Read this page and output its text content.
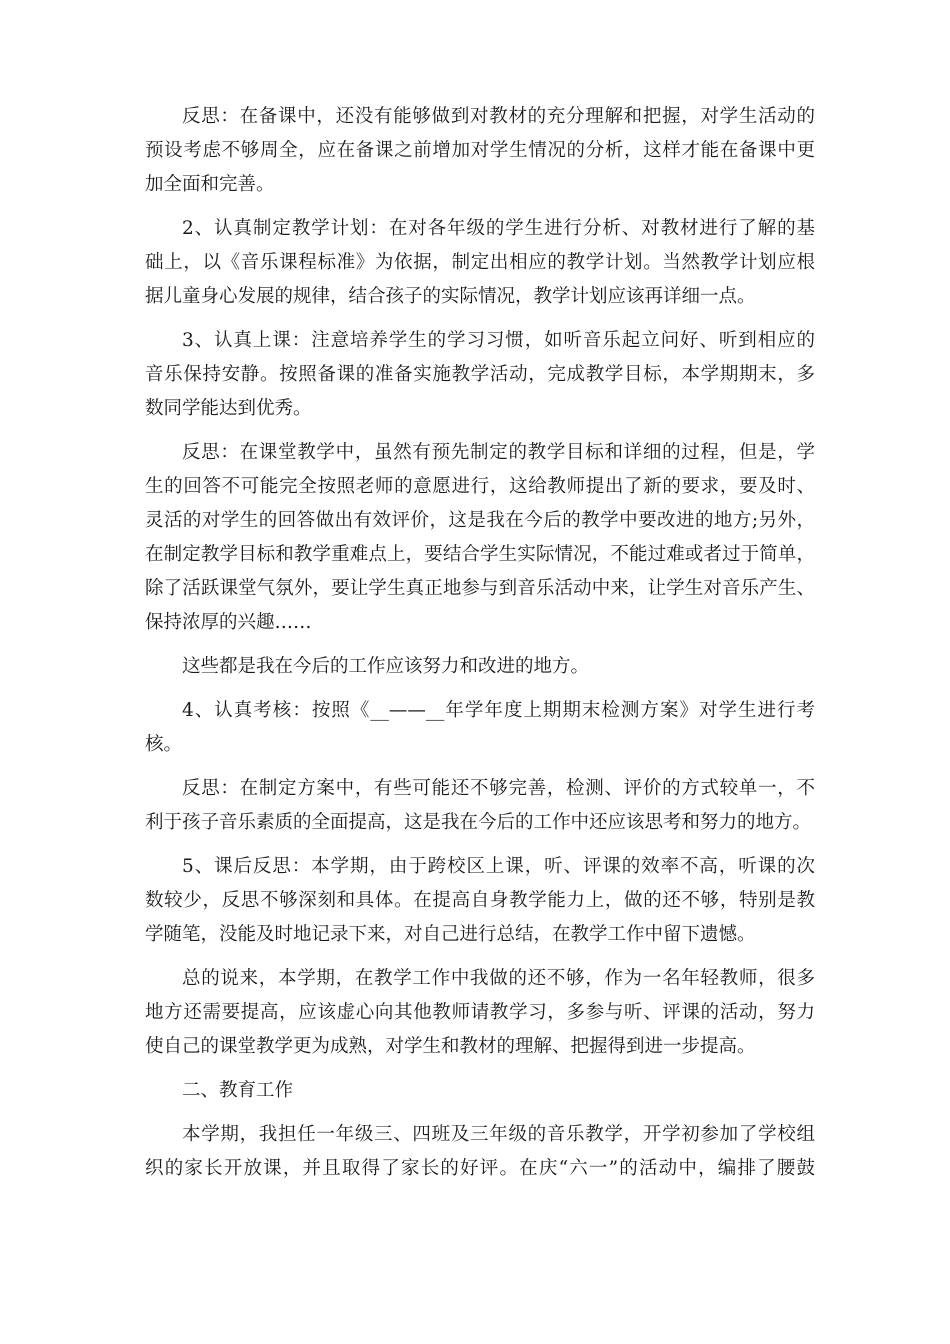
反思：在备课中，还没有能够做到对教材的充分理解和把握，对学生活动的
预设考虑不够周全，应在备课之前增加对学生情况的分析，这样才能在备课中更
加全面和完善。
2、认真制定教学计划：在对各年级的学生进行分析、对教材进行了解的基
础上，以《音乐课程标准》为依据，制定出相应的教学计划。当然教学计划应根
据儿童身心发展的规律，结合孩子的实际情况，教学计划应该再详细一点。
3、认真上课：注意培养学生的学习习惯，如听音乐起立问好、听到相应的
音乐保持安静。按照备课的准备实施教学活动，完成教学目标，本学期期末，多
数同学能达到优秀。
反思：在课堂教学中，虽然有预先制定的教学目标和详细的过程，但是，学
生的回答不可能完全按照老师的意愿进行，这给教师提出了新的要求，要及时、
灵活的对学生的回答做出有效评价，这是我在今后的教学中要改进的地方;另外，
在制定教学目标和教学重难点上，要结合学生实际情况，不能过难或者过于简单，
除了活跃课堂气氛外，要让学生真正地参与到音乐活动中来，让学生对音乐产生、
保持浓厚的兴趣……
这些都是我在今后的工作应该努力和改进的地方。
4、认真考核：按照《__——__年学年度上期期末检测方案》对学生进行考
核。
反思：在制定方案中，有些可能还不够完善，检测、评价的方式较单一，不
利于孩子音乐素质的全面提高，这是我在今后的工作中还应该思考和努力的地方。
5、课后反思：本学期，由于跨校区上课，听、评课的效率不高，听课的次
数较少，反思不够深刻和具体。在提高自身教学能力上，做的还不够，特别是教
学随笔，没能及时地记录下来，对自己进行总结，在教学工作中留下遗憾。
总的说来，本学期，在教学工作中我做的还不够，作为一名年轻教师，很多
地方还需要提高，应该虚心向其他教师请教学习，多参与听、评课的活动，努力
使自己的课堂教学更为成熟，对学生和教材的理解、把握得到进一步提高。
二、教育工作
本学期，我担任一年级三、四班及三年级的音乐教学，开学初参加了学校组
织的家长开放课，并且取得了家长的好评。在庆“六一”的活动中，编排了腰鼓
